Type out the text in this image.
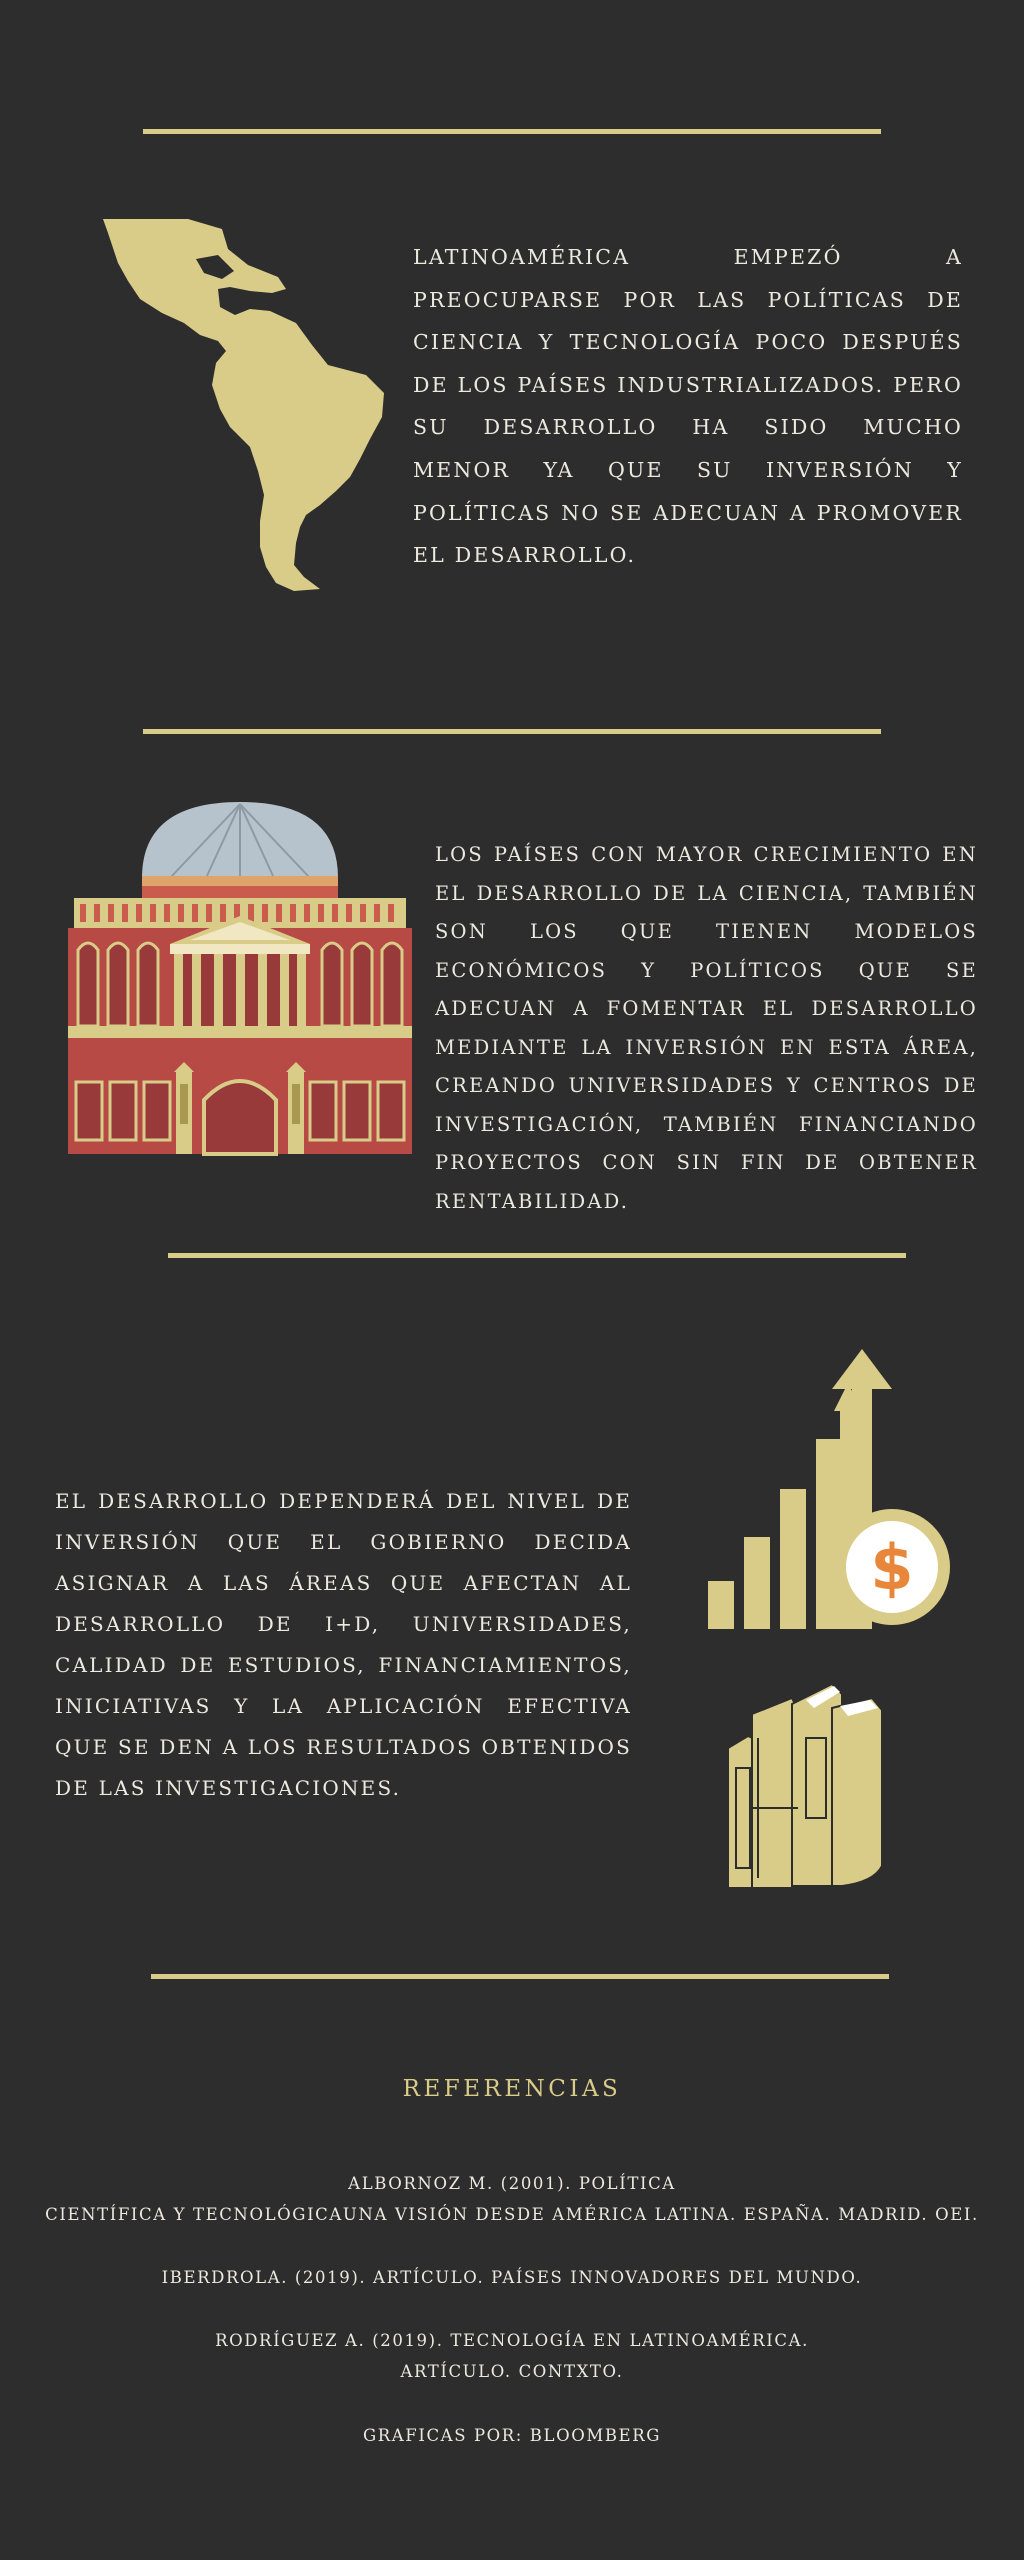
LATINOAMÉRICA EMPEZÓ A PREOCUPARSE POR LAS POLÍTICAS DE CIENCIA Y TECNOLOGÍA POCO DESPUÉS DE LOS PAÍSES INDUSTRIALIZADOS. PERO SU DESARROLLO HA SIDO MUCHO MENOR YA QUE SU INVERSIÓN Y POLÍTICAS NO SE ADECUAN A PROMOVER EL DESARROLLO.
LOS PAÍSES CON MAYOR CRECIMIENTO EN EL DESARROLLO DE LA CIENCIA, TAMBIÉN SON LOS QUE TIENEN MODELOS ECONÓMICOS Y POLÍTICOS QUE SE ADECUAN A FOMENTAR EL DESARROLLO MEDIANTE LA INVERSIÓN EN ESTA ÁREA, CREANDO UNIVERSIDADES Y CENTROS DE INVESTIGACIÓN, TAMBIÉN FINANCIANDO PROYECTOS CON SIN FIN DE OBTENER RENTABILIDAD.
EL DESARROLLO DEPENDERÁ DEL NIVEL DE INVERSIÓN QUE EL GOBIERNO DECIDA ASIGNAR A LAS ÁREAS QUE AFECTAN AL DESARROLLO DE I+D, UNIVERSIDADES, CALIDAD DE ESTUDIOS, FINANCIAMIENTOS, INICIATIVAS Y LA APLICACIÓN EFECTIVA QUE SE DEN A LOS RESULTADOS OBTENIDOS DE LAS INVESTIGACIONES.
$
REFERENCIAS
ALBORNOZ M. (2001). POLÍTICA
CIENTÍFICA Y TECNOLÓGICAUNA VISIÓN DESDE AMÉRICA LATINA. ESPAÑA. MADRID. OEI.
IBERDROLA. (2019). ARTÍCULO. PAÍSES INNOVADORES DEL MUNDO.
RODRÍGUEZ A. (2019). TECNOLOGÍA EN LATINOAMÉRICA.
ARTÍCULO. CONTXTO.
GRAFICAS POR: BLOOMBERG
